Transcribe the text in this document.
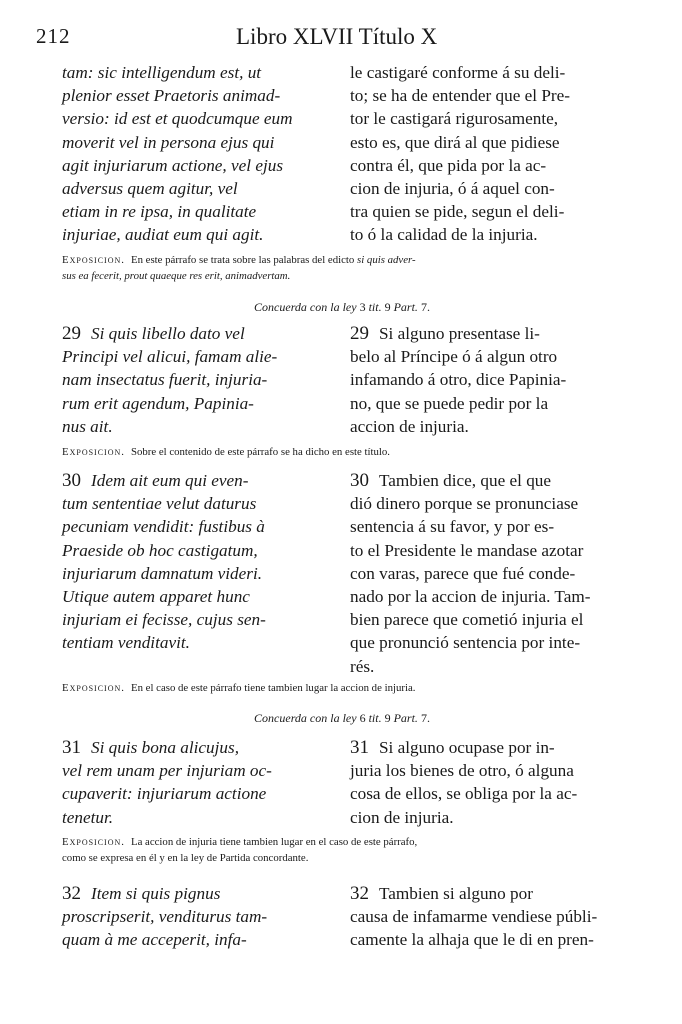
212	Libro XLVII Título X
tam: sic intelligendum est, ut
plenior esset Praetoris animad-
versio: id est et quodcumque eum
moverit vel in persona ejus qui
agit injuriarum actione, vel ejus
adversus quem agitur, vel
etiam in re ipsa, in qualitate
injuriae, audiat eum qui agit.
le castigaré conforme á su deli-
to; se ha de entender que el Pre-
tor le castigará rigurosamente,
esto es, que dirá al que pidiese
contra él, que pida por la ac-
cion de injuria, ó á aquel con-
tra quien se pide, segun el deli-
to ó la calidad de la injuria.
Exposicion. En este párrafo se trata sobre las palabras del edicto si quis adver-
sus ea fecerit, prout quaeque res erit, animadvertam.
Concuerda con la ley 3 tit. 9 Part. 7.
29 Si quis libello dato vel
Principi vel alicui, famam alie-
nam insectatus fuerit, injuria-
rum erit agendum, Papinia-
nus ait.
29 Si alguno presentase li-
belo al Príncipe ó á algun otro
infamando á otro, dice Papinia-
no, que se puede pedir por la
accion de injuria.
Exposicion. Sobre el contenido de este párrafo se ha dicho en este título.
30 Idem ait eum qui even-
tum sententiae velut daturus
pecuniam vendidit: fustibus à
Praeside ob hoc castigatum,
injuriarum damnatum videri.
Utique autem apparet hunc
injuriam ei fecisse, cujus sen-
tentiam venditavit.
30 Tambien dice, que el que
dió dinero porque se pronunciase
sentencia á su favor, y por es-
to el Presidente le mandase azotar
con varas, parece que fué conde-
nado por la accion de injuria. Tam-
bien parece que cometió injuria el
que pronunció sentencia por inte-
rés.
Exposicion. En el caso de este párrafo tiene tambien lugar la accion de injuria.
Concuerda con la ley 6 tit. 9 Part. 7.
31 Si quis bona alicujus,
vel rem unam per injuriam oc-
cupaverit: injuriarum actione
tenetur.
31 Si alguno ocupase por in-
juria los bienes de otro, ó alguna
cosa de ellos, se obliga por la ac-
cion de injuria.
Exposicion. La accion de injuria tiene tambien lugar en el caso de este párrafo,
como se expresa en él y en la ley de Partida concordante.
32 Item si quis pignus
proscripserit, venditurus tam-
quam à me acceperit, infa-
32 Tambien si alguno por
causa de infamarme vendiese públi-
camente la alhaja que le di en pren-
